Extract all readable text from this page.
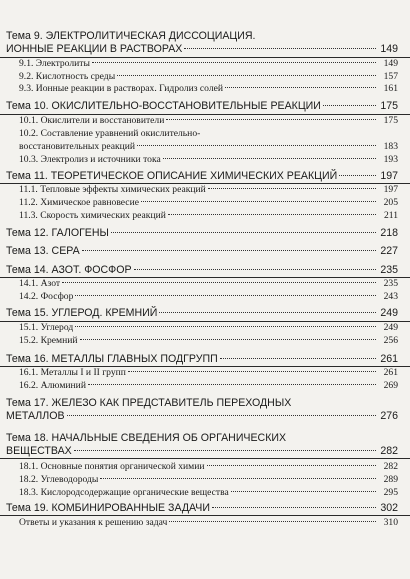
Тема 9. ЭЛЕКТРОЛИТИЧЕСКАЯ ДИССОЦИАЦИЯ.
ИОННЫЕ РЕАКЦИИ В РАСТВОРАХ	149
9.1. Электролиты	149
9.2. Кислотность среды	157
9.3. Ионные реакции в растворах. Гидролиз солей	161
Тема 10. ОКИСЛИТЕЛЬНО-ВОССТАНОВИТЕЛЬНЫЕ РЕАКЦИИ	175
10.1. Окислители и восстановители	175
10.2. Составление уравнений окислительно-
восстановительных реакций	183
10.3. Электролиз и источники тока	193
Тема 11. ТЕОРЕТИЧЕСКОЕ ОПИСАНИЕ ХИМИЧЕСКИХ РЕАКЦИЙ	197
11.1. Тепловые эффекты химических реакций	197
11.2. Химическое равновесие	205
11.3. Скорость химических реакций	211
Тема 12. ГАЛОГЕНЫ	218
Тема 13. СЕРА	227
Тема 14. АЗОТ. ФОСФОР	235
14.1. Азот	235
14.2. Фосфор	243
Тема 15. УГЛЕРОД. КРЕМНИЙ	249
15.1. Углерод	249
15.2. Кремний	256
Тема 16. МЕТАЛЛЫ ГЛАВНЫХ ПОДГРУПП	261
16.1. Металлы I и II групп	261
16.2. Алюминий	269
Тема 17. ЖЕЛЕЗО КАК ПРЕДСТАВИТЕЛЬ ПЕРЕХОДНЫХ
МЕТАЛЛОВ	276
Тема 18. НАЧАЛЬНЫЕ СВЕДЕНИЯ ОБ ОРГАНИЧЕСКИХ
ВЕЩЕСТВАХ	282
18.1. Основные понятия органической химии	282
18.2. Углеводороды	289
18.3. Кислородсодержащие органические вещества	295
Тема 19. КОМБИНИРОВАННЫЕ ЗАДАЧИ	302
Ответы и указания к решению задач	310
